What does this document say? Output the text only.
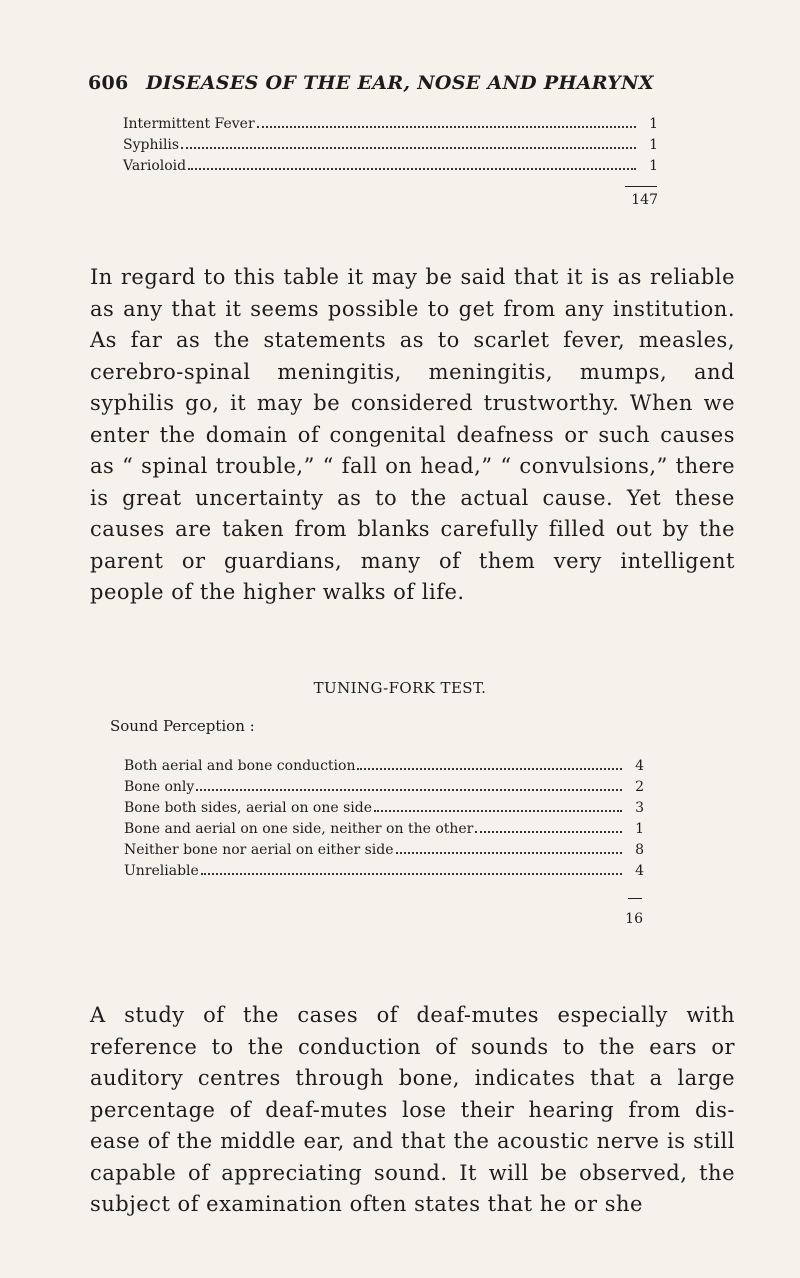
606 DISEASES OF THE EAR, NOSE AND PHARYNX
Intermittent Fever	1
Syphilis	1
Varioloid	1
147

In regard to this table it may be said that it is as reliable as any that it seems possible to get from any institution. As far as the statements as to scarlet fever, measles, cerebro-spinal meningitis, meningitis, mumps, and syphilis go, it may be considered trustworthy. When we enter the domain of congenital deafness or such causes as “ spinal trouble,” “ fall on head,” “ convulsions,” there is great uncertainty as to the actual cause. Yet these causes are taken from blanks carefully filled out by the parent or guardians, many of them very intelligent people of the higher walks of life.

TUNING-FORK TEST.
Sound Perception :
Both aerial and bone conduction	4
Bone only	2
Bone both sides, aerial on one side	3
Bone and aerial on one side, neither on the other	1
Neither bone nor aerial on either side	8
Unreliable	4
16

A study of the cases of deaf-mutes especially with reference to the conduction of sounds to the ears or auditory centres through bone, indicates that a large percentage of deaf-mutes lose their hearing from dis- ease of the middle ear, and that the acoustic nerve is still capable of appreciating sound. It will be observed, the subject of examination often states that he or she
